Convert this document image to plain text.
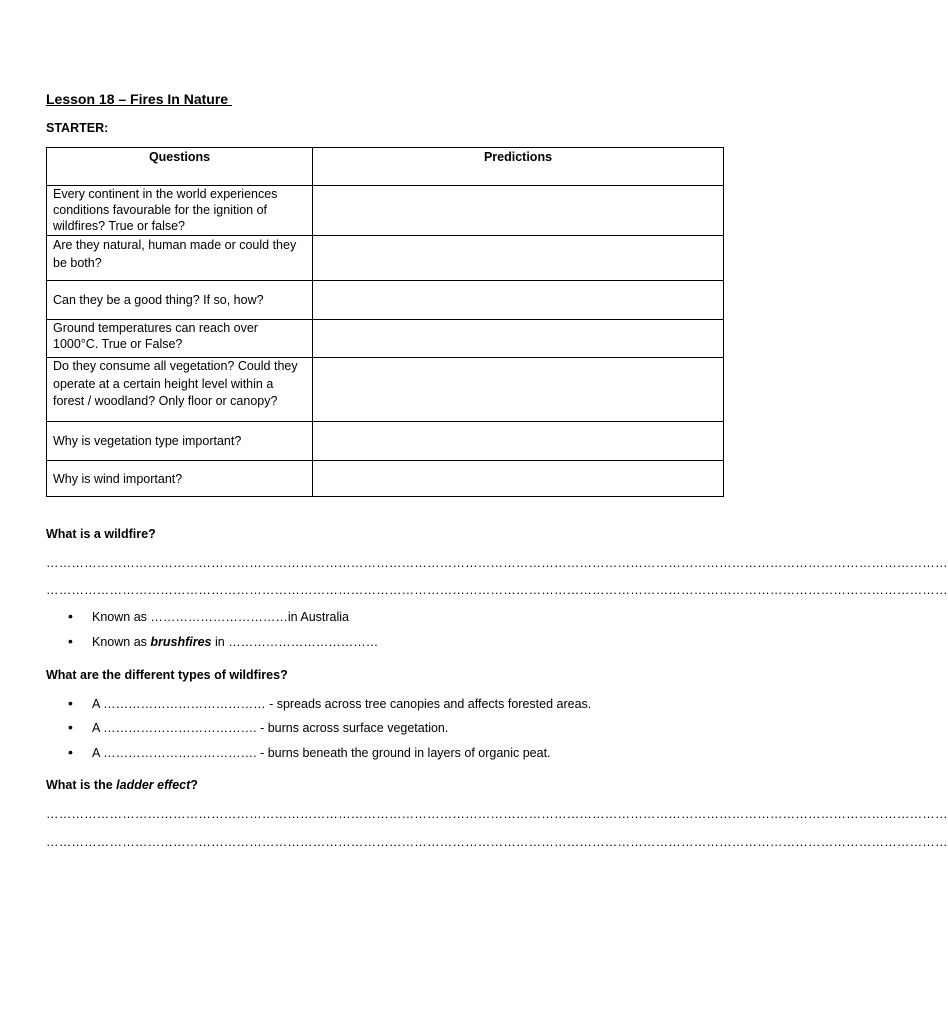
Lesson 18 – Fires In Nature
STARTER:
Questions	Predictions
Every continent in the world experiences conditions favourable for the ignition of wildfires? True or false?	
Are they natural, human made or could they be both?	
Can they be a good thing? If so, how?	
Ground temperatures can reach over 1000°C. True or False?	
Do they consume all vegetation? Could they operate at a certain height level within a forest / woodland? Only floor or canopy?	
Why is vegetation type important?	
Why is wind important?	
What is a wildfire?
……………………………………………………………………………………………………………………………………………………………………………………………
……………………………………………………………………………………………………………………………………………………………………………………………
• Known as ……………………………in Australia
• Known as brushfires in ………………………………
What are the different types of wildfires?
• A ………………………………… - spreads across tree canopies and affects forested areas.
• A ………………………………. - burns across surface vegetation.
• A ………………………………. - burns beneath the ground in layers of organic peat.
What is the ladder effect?
……………………………………………………………………………………………………………………………………………………………………………………………
……………………………………………………………………………………………………………………………………………………………………………………………
